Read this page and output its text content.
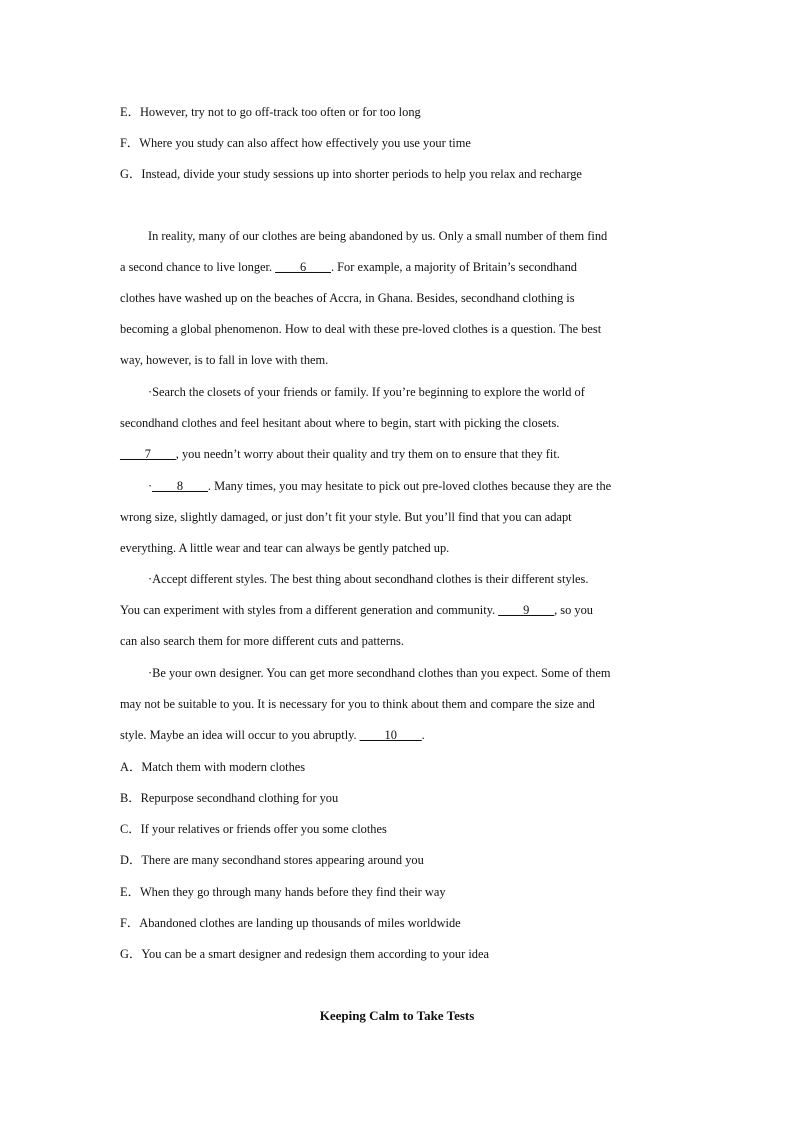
E．However, try not to go off-track too often or for too long
F．Where you study can also affect how effectively you use your time
G．Instead, divide your study sessions up into shorter periods to help you relax and recharge
In reality, many of our clothes are being abandoned by us. Only a small number of them find
a second chance to live longer. ____6____. For example, a majority of Britain’s secondhand
clothes have washed up on the beaches of Accra, in Ghana. Besides, secondhand clothing is
becoming a global phenomenon. How to deal with these pre-loved clothes is a question. The best
way, however, is to fall in love with them.
·Search the closets of your friends or family. If you’re beginning to explore the world of
secondhand clothes and feel hesitant about where to begin, start with picking the closets.
____7____, you needn’t worry about their quality and try them on to ensure that they fit.
·____8____. Many times, you may hesitate to pick out pre-loved clothes because they are the
wrong size, slightly damaged, or just don’t fit your style. But you’ll find that you can adapt
everything. A little wear and tear can always be gently patched up.
·Accept different styles. The best thing about secondhand clothes is their different styles.
You can experiment with styles from a different generation and community. ____9____, so you
can also search them for more different cuts and patterns.
·Be your own designer. You can get more secondhand clothes than you expect. Some of them
may not be suitable to you. It is necessary for you to think about them and compare the size and
style. Maybe an idea will occur to you abruptly. ____10____.
A．Match them with modern clothes
B．Repurpose secondhand clothing for you
C．If your relatives or friends offer you some clothes
D．There are many secondhand stores appearing around you
E．When they go through many hands before they find their way
F．Abandoned clothes are landing up thousands of miles worldwide
G．You can be a smart designer and redesign them according to your idea
Keeping Calm to Take Tests
